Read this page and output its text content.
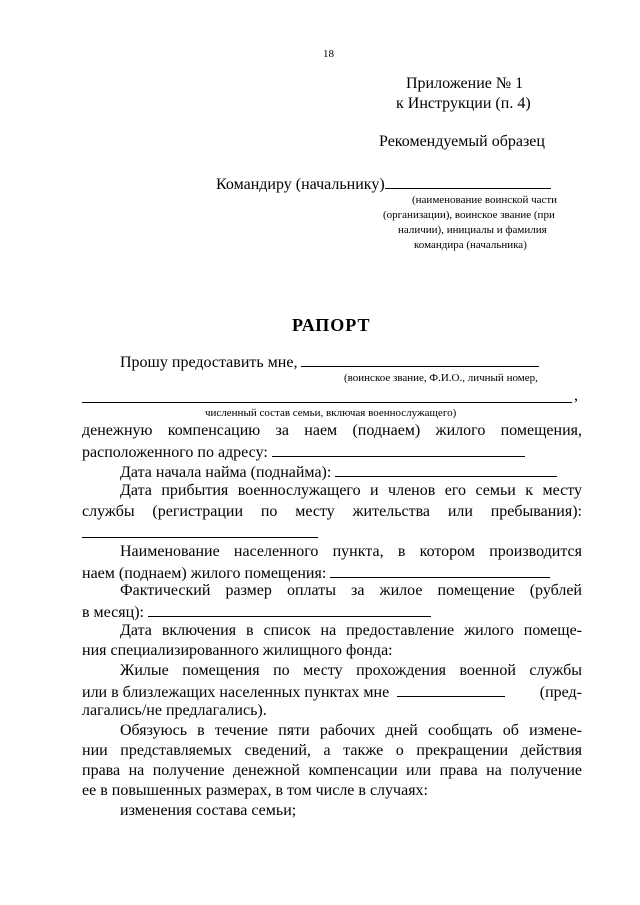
18
Приложение № 1
к Инструкции (п. 4)
Рекомендуемый образец
Командиру (начальнику)
(наименование воинской части
(организации), воинское звание (при
наличии), инициалы и фамилия
командира (начальника)
РАПОРТ
Прошу предоставить мне,
(воинское звание, Ф.И.О., личный номер,
,
численный состав семьи, включая военнослужащего)
денежную компенсацию за наем (поднаем) жилого помещения,
расположенного по адресу:
Дата начала найма (поднайма):
Дата прибытия военнослужащего и членов его семьи к месту
службы (регистрации по месту жительства или пребывания):
Наименование населенного пункта, в котором производится
наем (поднаем) жилого помещения:
Фактический размер оплаты за жилое помещение (рублей
в месяц):
Дата включения в список на предоставление жилого помеще-
ния специализированного жилищного фонда:
Жилые помещения по месту прохождения военной службы
или в близлежащих населенных пунктах мне	(пред-
лагались/не предлагались).
Обязуюсь в течение пяти рабочих дней сообщать об измене-
нии представляемых сведений, а также о прекращении действия
права на получение денежной компенсации или права на получение
ее в повышенных размерах, в том числе в случаях:
изменения состава семьи;
